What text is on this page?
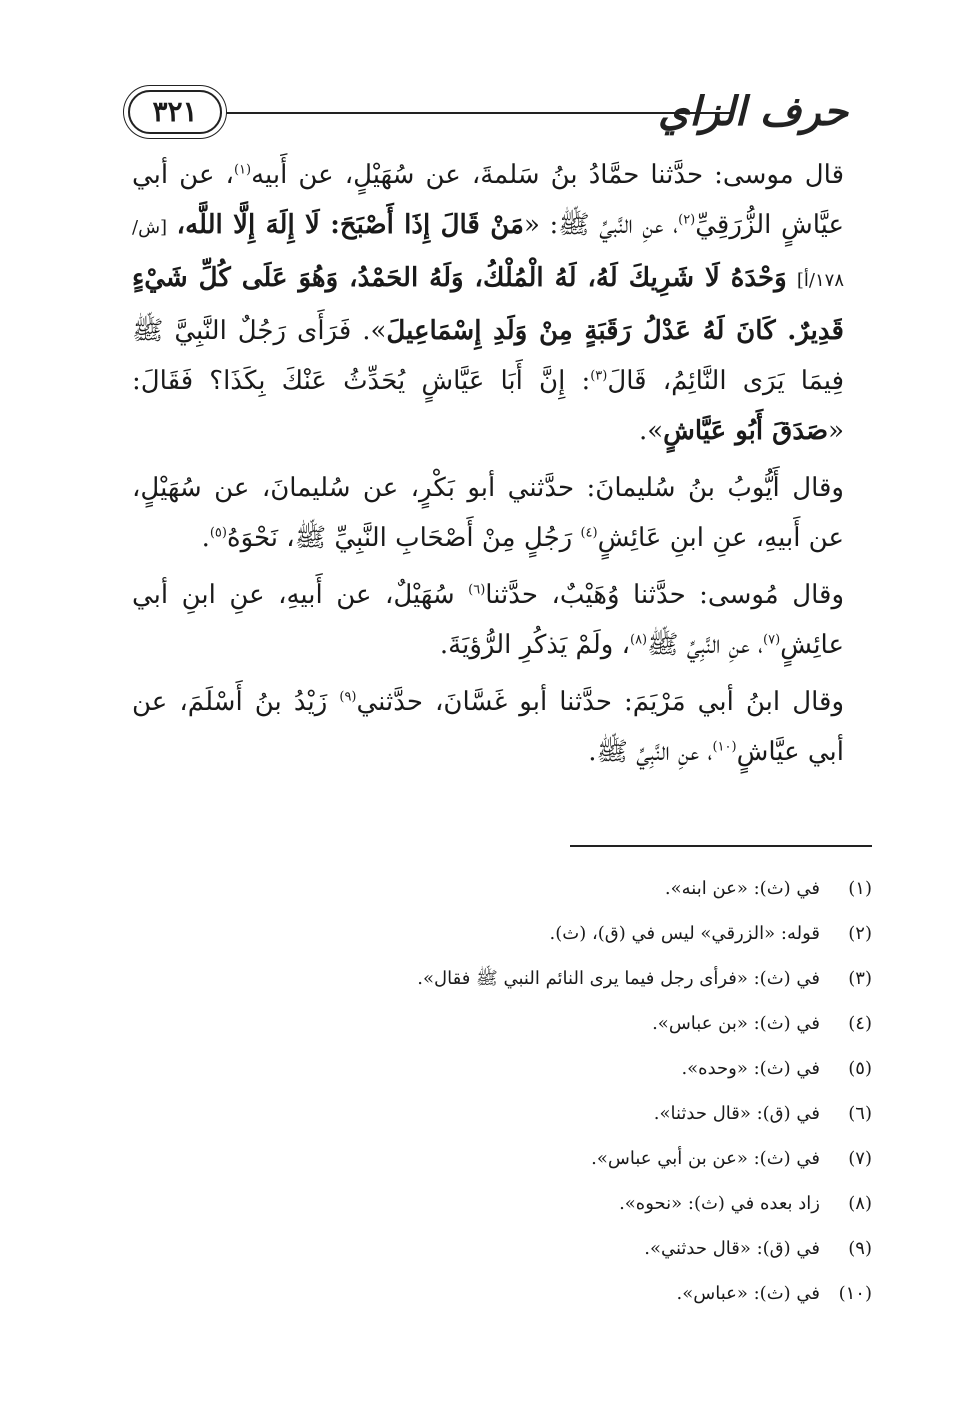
حرف الزاي
٣٢١

قال موسى: حدَّثنا حمَّادُ بنُ سَلمةَ، عن سُهَيْلٍ، عن أَبيه$^{(١)}$، عن أبي عيَّاشٍ الزُّرَقِيِّ$^{(٢)}$، عنِ النَّبيِّ ﷺ: «مَنْ قَالَ إِذَا أَصْبَحَ: لَا إِلَهَ إِلَّا اللَّه، [ش/١٧٨/أ] وَحْدَهُ لَا شَرِيكَ لَهُ، لَهُ الْمُلْكُ، وَلَهُ الحَمْدُ، وَهُوَ عَلَى كُلِّ شَيْءٍ قَدِيرٌ. كَانَ لَهُ عَدْلُ رَقَبَةٍ مِنْ وَلَدِ إِسْمَاعِيلَ». فَرَأَى رَجُلٌ النَّبِيَّ ﷺ فِيمَا يَرَى النَّائِمُ، قَالَ$^{(٣)}$: إِنَّ أَبَا عَيَّاشٍ يُحَدِّثُ عَنْكَ بِكَذَا؟ فَقَالَ: «صَدَقَ أَبُو عَيَّاشٍ».

وقال أَيُّوبُ بنُ سُليمانَ: حدَّثني أبو بَكْرٍ، عن سُليمانَ، عن سُهَيْلٍ، عن أَبيهِ، عنِ ابنِ عَائِشٍ$^{(٤)}$ رَجُلٍ مِنْ أَصْحَابِ النَّبِيِّ ﷺ، نَحْوَهُ$^{(٥)}$.

وقال مُوسى: حدَّثنا وُهَيْبٌ، حدَّثنا$^{(٦)}$ سُهَيْلٌ، عن أَبيهِ، عنِ ابنِ أبي عائِشٍ$^{(٧)}$، عنِ النَّبِيِّ ﷺ$^{(٨)}$، ولَمْ يَذكُرِ الرُّؤيَةَ.

وقال ابنُ أبي مَرْيَمَ: حدَّثنا أبو غَسَّانَ، حدَّثني$^{(٩)}$ زَيْدُ بنُ أَسْلَمَ، عن أبي عيَّاشٍ$^{(١٠)}$، عنِ النَّبِيِّ ﷺ.

(١)
في (ث): «عن ابنه».
(٢)
قوله: «الزرقي» ليس في (ق)، (ث).
(٣)
في (ث): «فرأى رجل فيما يرى النائم النبي ﷺ فقال».
(٤)
في (ث): «بن عباس».
(٥)
في (ث): «وحده».
(٦)
في (ق): «قال حدثنا».
(٧)
في (ث): «عن بن أبي عباس».
(٨)
زاد بعده في (ث): «نحوه».
(٩)
في (ق): «قال حدثني».
(١٠)
في (ث): «عباس».
